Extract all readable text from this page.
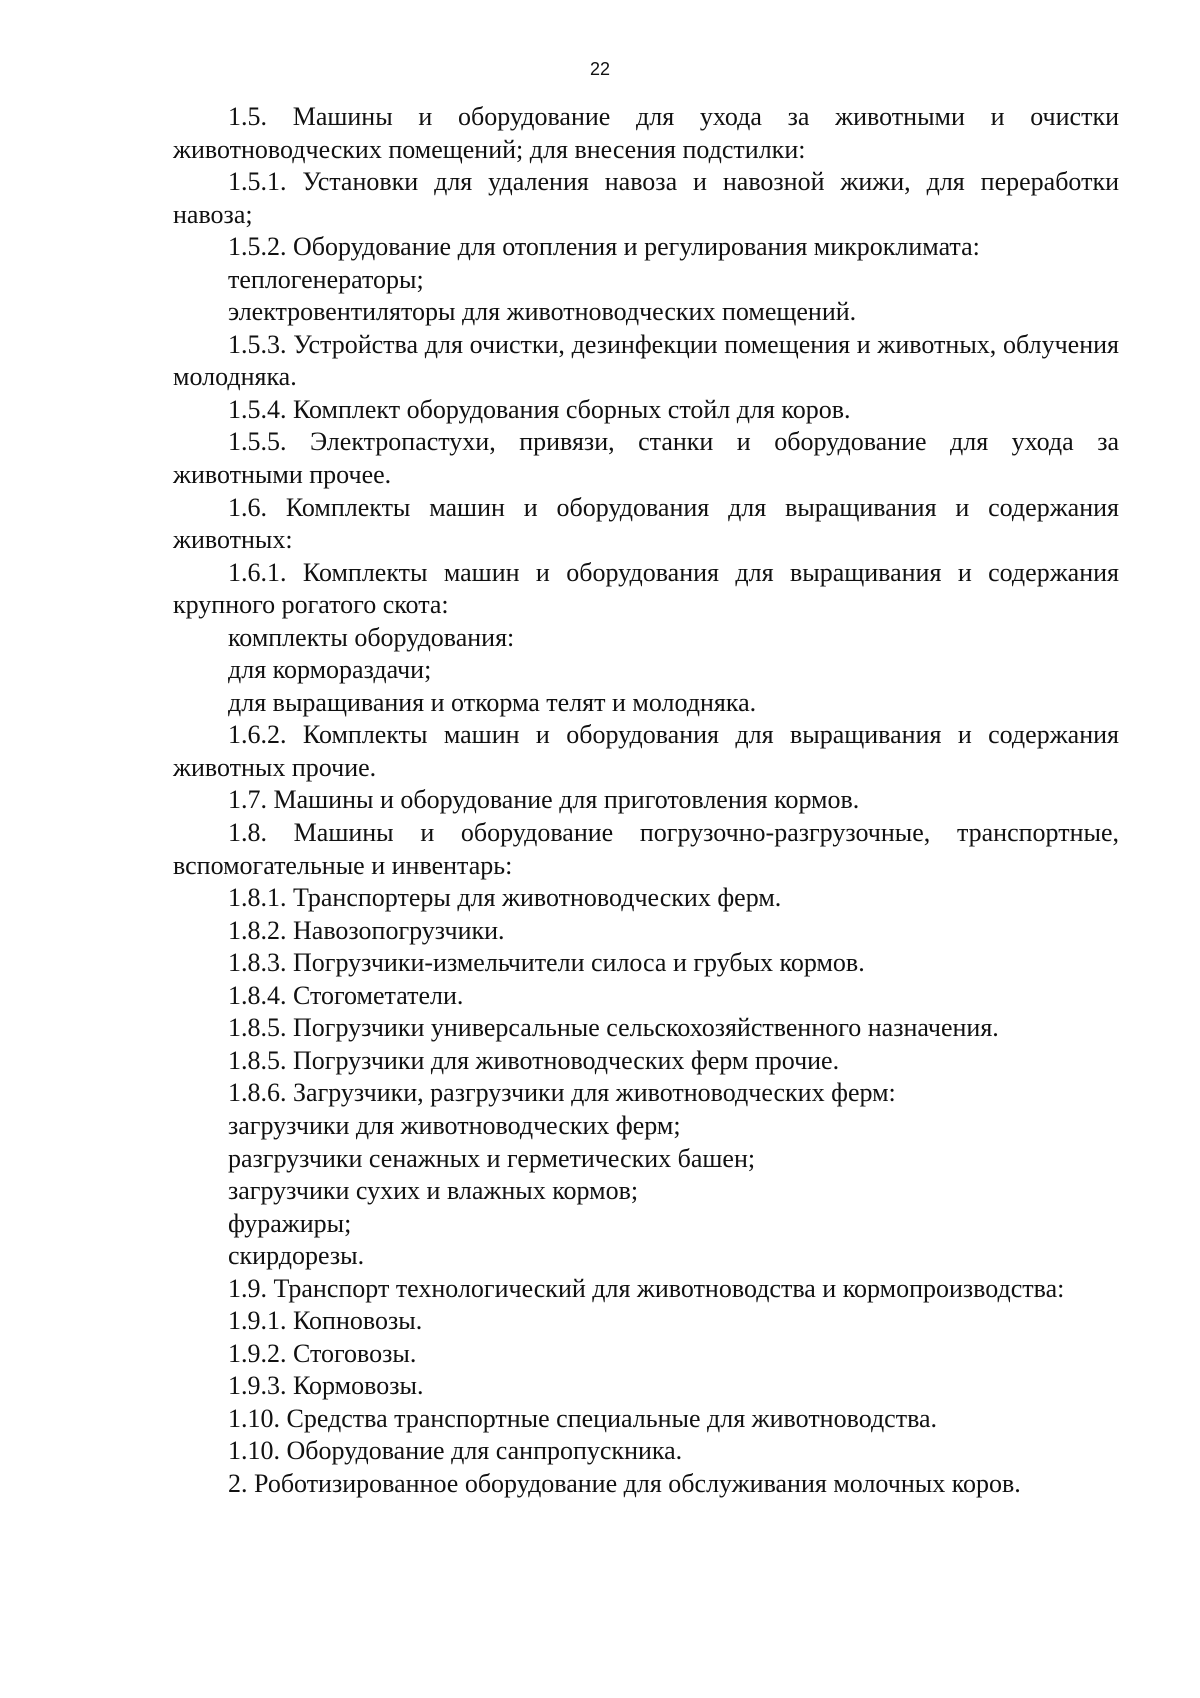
22

1.5. Машины и оборудование для ухода за животными и очистки животноводческих помещений; для внесения подстилки:

1.5.1. Установки для удаления навоза и навозной жижи, для переработки навоза;

1.5.2. Оборудование для отопления и регулирования микроклимата:

теплогенераторы;

электровентиляторы для животноводческих помещений.

1.5.3. Устройства для очистки, дезинфекции помещения и животных, облучения молодняка.

1.5.4. Комплект оборудования сборных стойл для коров.

1.5.5. Электропастухи, привязи, станки и оборудование для ухода за животными прочее.

1.6. Комплекты машин и оборудования для выращивания и содержания животных:

1.6.1. Комплекты машин и оборудования для выращивания и содержания крупного рогатого скота:

комплекты оборудования:

для кормораздачи;

для выращивания и откорма телят и молодняка.

1.6.2. Комплекты машин и оборудования для выращивания и содержания животных прочие.

1.7. Машины и оборудование для приготовления кормов.

1.8. Машины и оборудование погрузочно-разгрузочные, транспортные, вспомогательные и инвентарь:

1.8.1. Транспортеры для животноводческих ферм.

1.8.2. Навозопогрузчики.

1.8.3. Погрузчики-измельчители силоса и грубых кормов.

1.8.4. Стогометатели.

1.8.5. Погрузчики универсальные сельскохозяйственного назначения.

1.8.5. Погрузчики для животноводческих ферм прочие.

1.8.6. Загрузчики, разгрузчики для животноводческих ферм:

загрузчики для животноводческих ферм;

разгрузчики сенажных и герметических башен;

загрузчики сухих и влажных кормов;

фуражиры;

скирдорезы.

1.9. Транспорт технологический для животноводства и кормопроизводства:

1.9.1. Копновозы.

1.9.2. Стоговозы.

1.9.3. Кормовозы.

1.10. Средства транспортные специальные для животноводства.

1.10. Оборудование для санпропускника.

2. Роботизированное оборудование для обслуживания молочных коров.
